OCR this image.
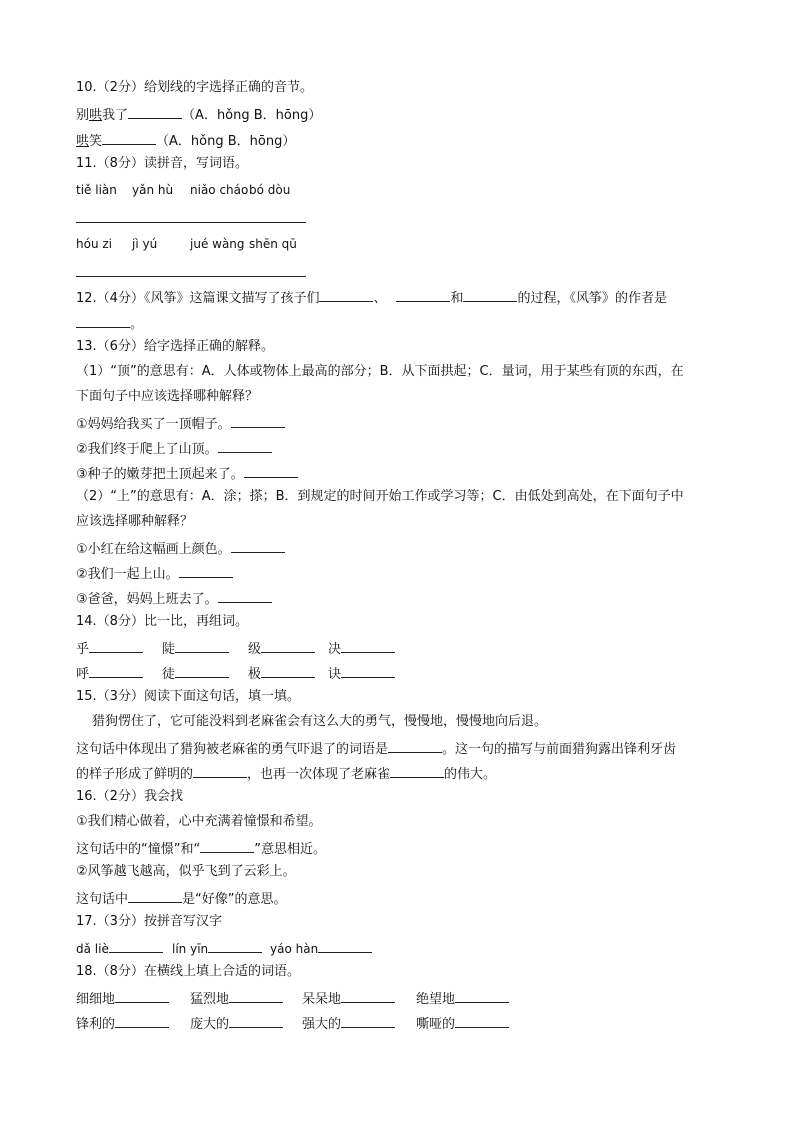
10.（2分）给划线的字选择正确的音节。
别哄我了	（A．hǒng B．hōng）
哄笑	（A．hǒng B．hōng）
11.（8分）读拼音，写词语。
tiě liàn yǎn hù niǎo cháo bó dòu
hóu zi jì yú	jué wàng shēn qū
12.（4分）《风筝》这篇课文描写了孩子们	、	和	的过程，《风筝》的作者是
。
13.（6分）给字选择正确的解释。
（1）“顶”的意思有：A．人体或物体上最高的部分；B．从下面拱起；C．量词，用于某些有顶的东西，在
下面句子中应该选择哪种解释？
①妈妈给我买了一顶帽子。
②我们终于爬上了山顶。
③种子的嫩芽把土顶起来了。
（2）“上”的意思有：A．涂；搽；B．到规定的时间开始工作或学习等；C．由低处到高处，在下面句子中
应该选择哪种解释？
①小红在给这幅画上颜色。
②我们一起上山。
③爸爸，妈妈上班去了。
14.（8分）比一比，再组词。
乎	陡	级	决
呼	徒	极	诀
15.（3分）阅读下面这句话，填一填。
猎狗愣住了，它可能没料到老麻雀会有这么大的勇气，慢慢地，慢慢地向后退。
这句话中体现出了猎狗被老麻雀的勇气吓退了的词语是	。这一句的描写与前面猎狗露出锋利牙齿
的样子形成了鲜明的	，也再一次体现了老麻雀	的伟大。
16.（2分）我会找
①我们精心做着，心中充满着憧憬和希望。
这句话中的“憧憬”和“	”意思相近。
②风筝越飞越高，似乎飞到了云彩上。
这句话中	是“好像”的意思。
17.（3分）按拼音写汉字
dǎ liè	lín yīn	yáo hàn
18.（8分）在横线上填上合适的词语。
细细地	猛烈地	呆呆地	绝望地
锋利的	庞大的	强大的	嘶哑的
